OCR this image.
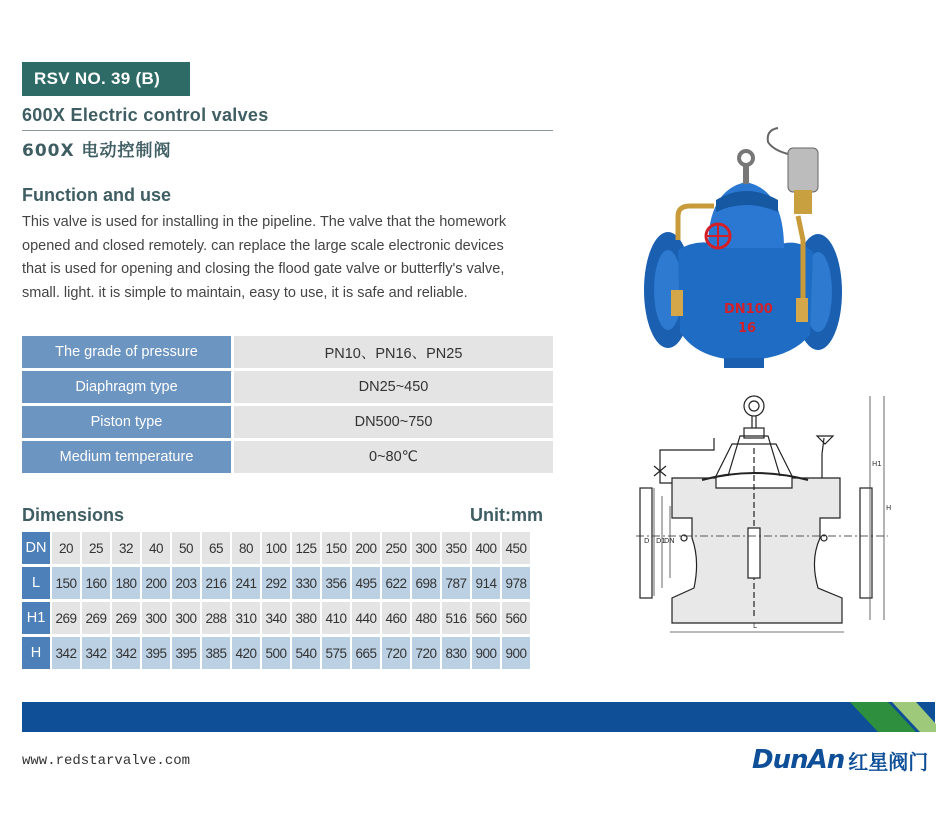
RSV NO. 39 (B)
600X Electric control valves
600X 电动控制阀
Function and use
This valve is used for installing in the pipeline. The valve that the homework
opened and closed remotely. can replace the large scale electronic devices
that is used for opening and closing the flood gate valve or butterfly's valve,
small. light. it is simple to maintain, easy to use, it is safe and reliable.
The grade of pressure	PN10、PN16、PN25
Diaphragm type	DN25~450
Piston type	DN500~750
Medium temperature	0~80℃
Dimensions	Unit:mm
DN 20	25	32	40	50	65	80 100 125 150 200 250 300 350 400 450
L	150 160 180 200 203 216 241 292 330 356 495 622 698 787 914 978
H1 269 269 269 300 300 288 310 340 380 410 440 460 480 516 560 560
H	342 342 342 395 395 385 420 500 540 575 665 720 720 830 900 900
DN100
16
L
H1
H
D D1
DN
www.redstarvalve.com	DunAn 红星阀门
